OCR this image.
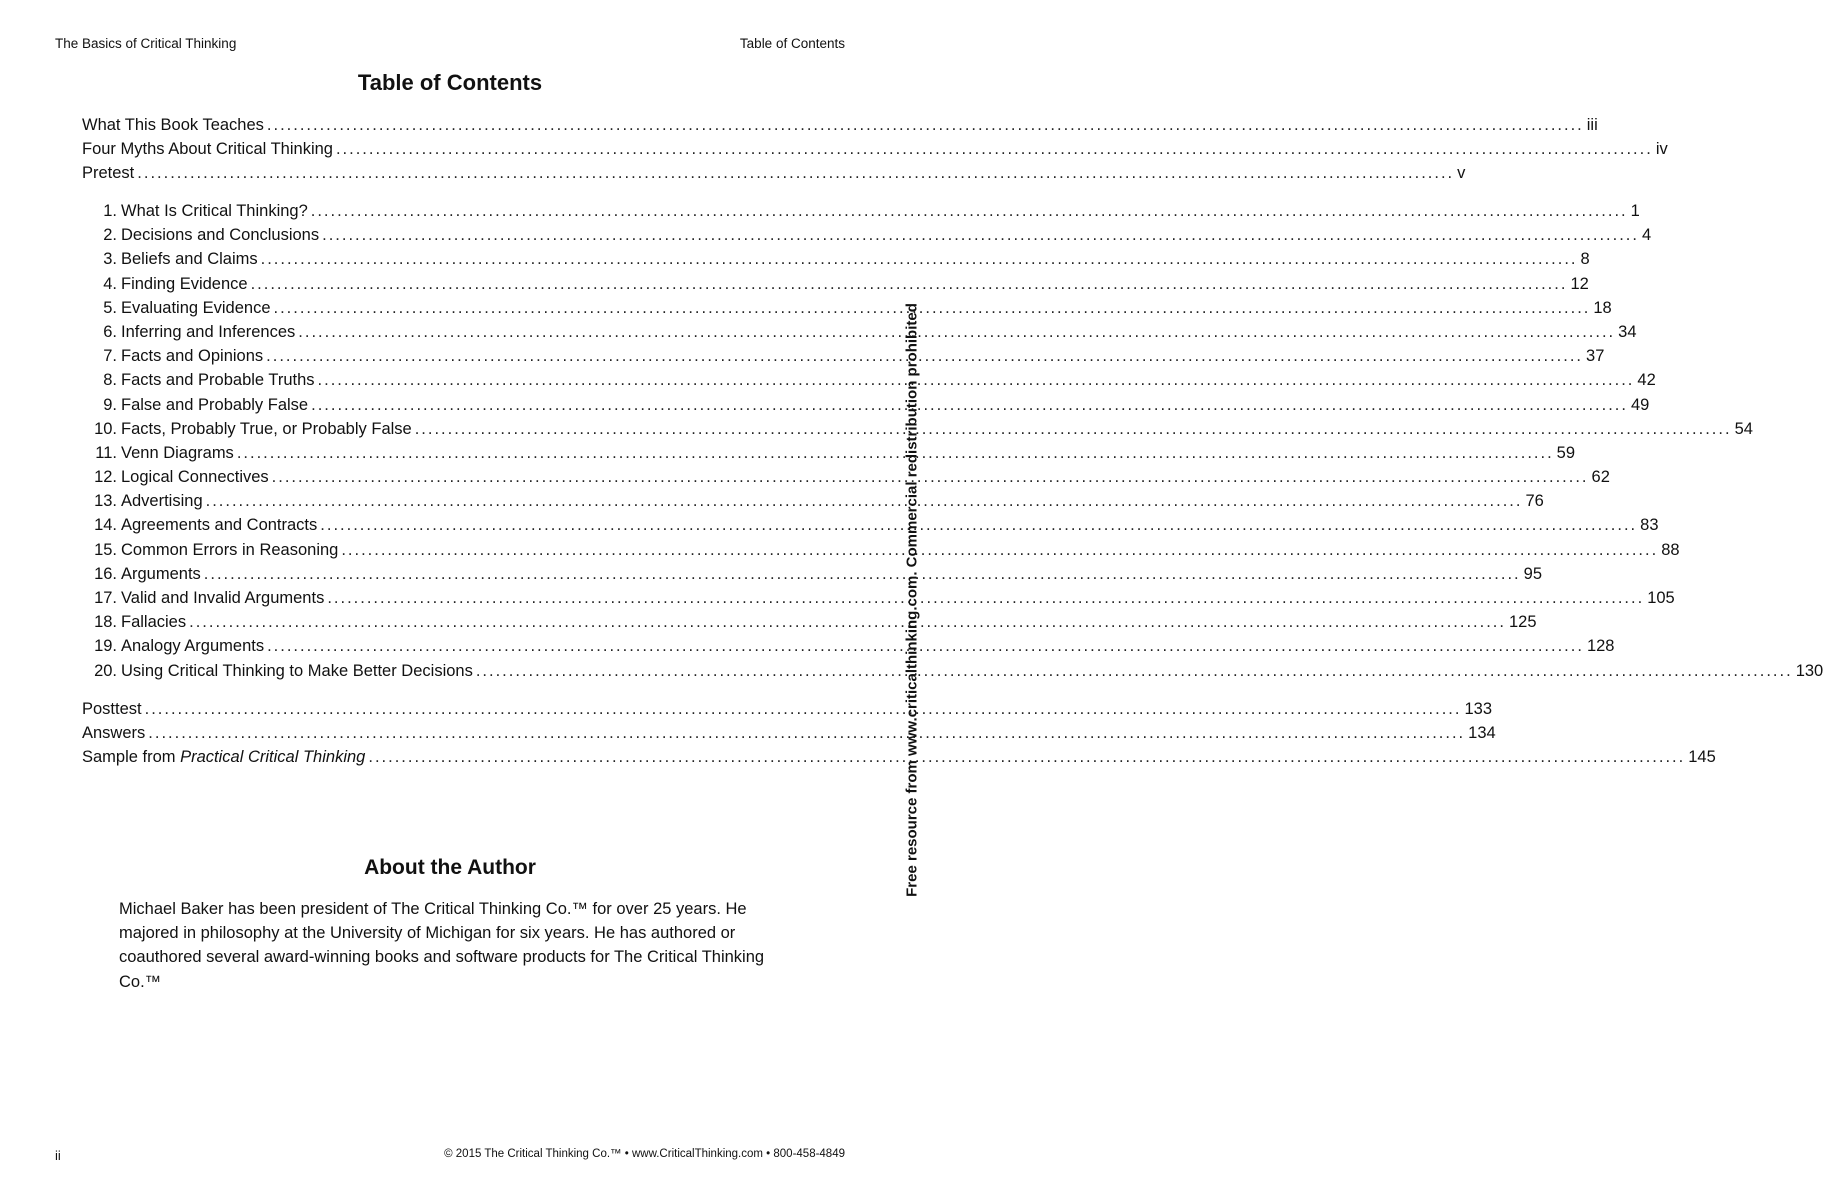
The Basics of Critical Thinking	Table of Contents
Table of Contents
What This Book Teaches ........................................................................................................................................................................................................ iii
Four Myths About Critical Thinking ........................................................................................................................................................................................................ iv
Pretest ........................................................................................................................................................................................................ v
1. What Is Critical Thinking? ........................................................................................................................................................................................................ 1
2. Decisions and Conclusions ........................................................................................................................................................................................................ 4
3. Beliefs and Claims ........................................................................................................................................................................................................ 8
4. Finding Evidence ........................................................................................................................................................................................................ 12
5. Evaluating Evidence ........................................................................................................................................................................................................ 18
6. Inferring and Inferences ........................................................................................................................................................................................................ 34
7. Facts and Opinions ........................................................................................................................................................................................................ 37
8. Facts and Probable Truths ........................................................................................................................................................................................................ 42
9. False and Probably False ........................................................................................................................................................................................................ 49
10. Facts, Probably True, or Probably False ........................................................................................................................................................................................................ 54
11. Venn Diagrams ........................................................................................................................................................................................................ 59
12. Logical Connectives ........................................................................................................................................................................................................ 62
13. Advertising ........................................................................................................................................................................................................ 76
14. Agreements and Contracts ........................................................................................................................................................................................................ 83
15. Common Errors in Reasoning ........................................................................................................................................................................................................ 88
16. Arguments ........................................................................................................................................................................................................ 95
17. Valid and Invalid Arguments ........................................................................................................................................................................................................ 105
18. Fallacies ........................................................................................................................................................................................................ 125
19. Analogy Arguments ........................................................................................................................................................................................................ 128
20. Using Critical Thinking to Make Better Decisions ........................................................................................................................................................................................................ 130
Posttest ........................................................................................................................................................................................................ 133
Answers ........................................................................................................................................................................................................ 134
Sample from Practical Critical Thinking ........................................................................................................................................................................................................ 145
About the Author

Michael Baker has been president of The Critical Thinking Co.™ for over 25 years. He majored in philosophy at the University of Michigan for six years. He has authored or coauthored several award-winning books and software products for The Critical Thinking Co.™

Free resource from www.criticalthinking.com. Commercial redistribution prohibited
ii	© 2015 The Critical Thinking Co.™ • www.CriticalThinking.com • 800-458-4849
